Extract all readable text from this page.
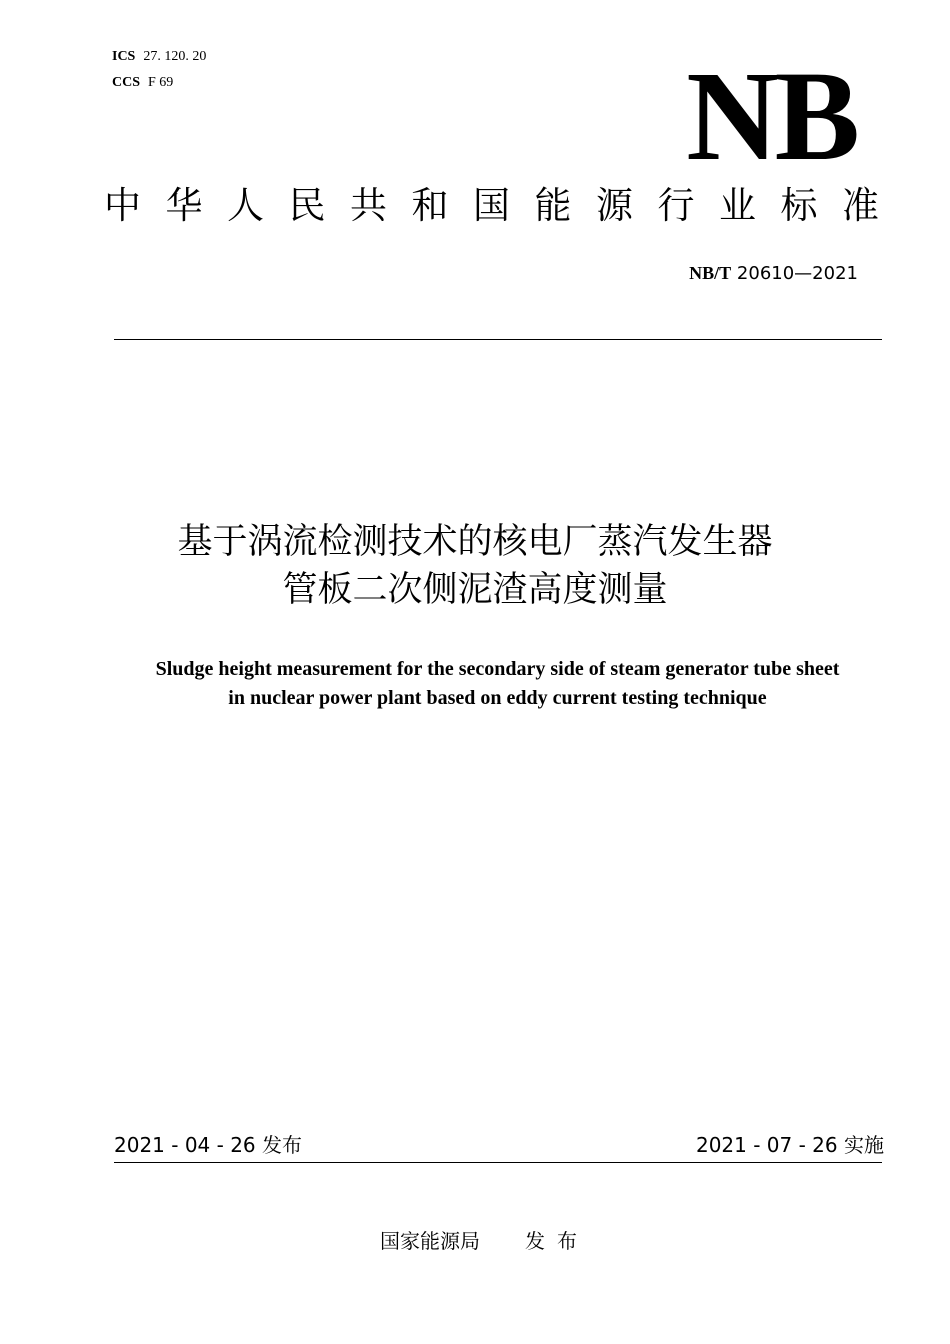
ICS 27. 120. 20
CCS F 69	NB
中 华 人 民 共 和 国 能 源 行 业 标 准
NB/T 20610—2021
基于涡流检测技术的核电厂蒸汽发生器
管板二次侧泥渣高度测量
Sludge height measurement for the secondary side of steam generator tube sheet
in nuclear power plant based on eddy current testing technique
2021 - 04 - 26 发布	2021 - 07 - 26 实施
国家能源局 发布
